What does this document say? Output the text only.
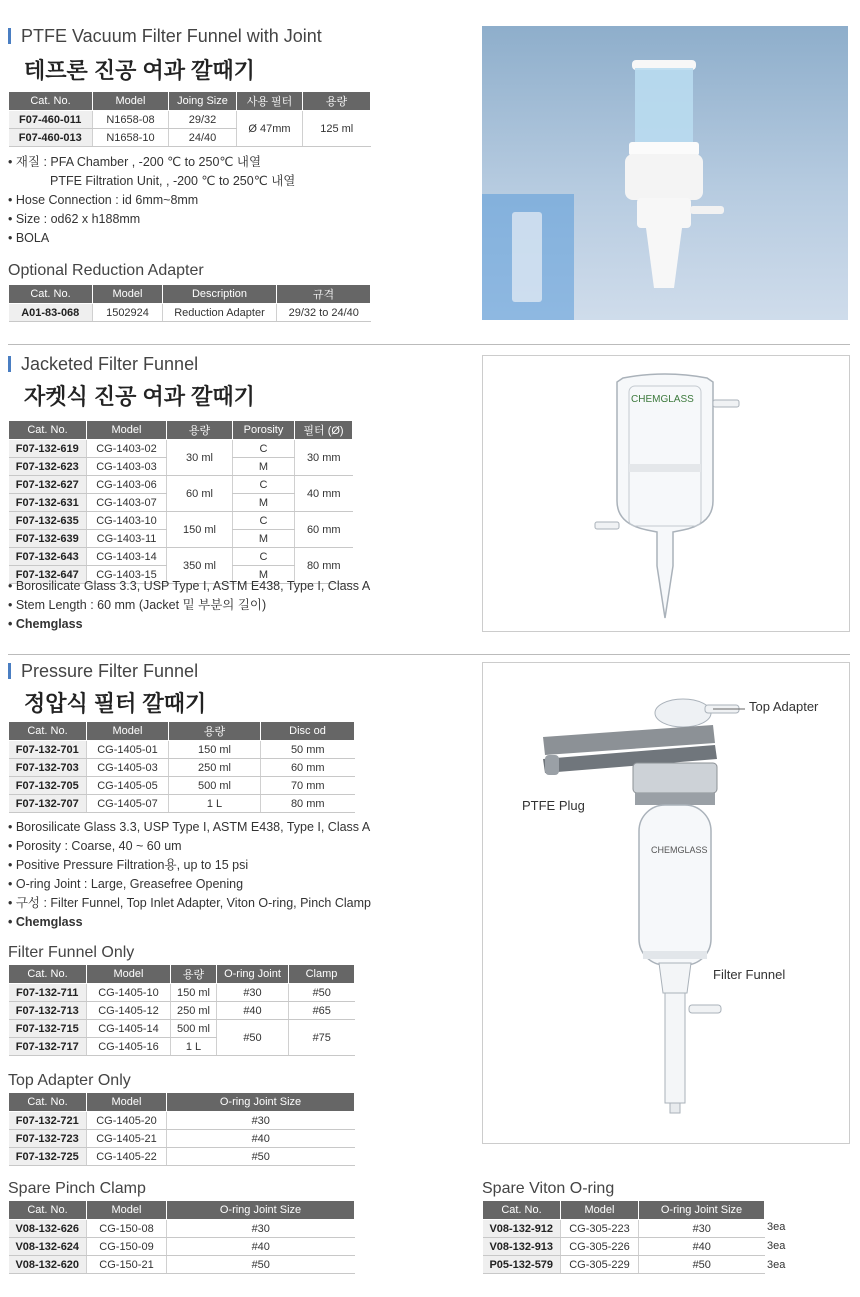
PTFE Vacuum Filter Funnel with Joint
테프론 진공 여과 깔때기
Cat. No.	Model	Joing Size	사용 필터	용량
F07-460-011	N1658-08	29/32	Ø 47mm	125 ml
F07-460-013	N1658-10	24/40		
• 재질 : PFA Chamber , -200 ℃ to 250℃ 내열
PTFE Filtration Unit, , -200 ℃ to 250℃ 내열
• Hose Connection : id 6mm~8mm
• Size : od62 x h188mm
• BOLA
Optional Reduction Adapter
Cat. No.	Model	Description	규격
A01-83-068	1502924	Reduction Adapter	29/32 to 24/40
Jacketed Filter Funnel
자켓식 진공 여과 깔때기
Cat. No.	Model	용량	Porosity	필터 (Ø)
F07-132-619	CG-1403-02	30 ml	C	30 mm
F07-132-623	CG-1403-03		M	
F07-132-627	CG-1403-06	60 ml	C	40 mm
F07-132-631	CG-1403-07		M	
F07-132-635	CG-1403-10	150 ml	C	60 mm
F07-132-639	CG-1403-11		M	
F07-132-643	CG-1403-14	350 ml	C	80 mm
F07-132-647	CG-1403-15		M	
• Borosilicate Glass 3.3, USP Type I, ASTM E438, Type I, Class A
• Stem Length : 60 mm (Jacket 밑 부분의 길이)
• Chemglass
CHEMGLASS
Pressure Filter Funnel
정압식 필터 깔때기
Cat. No.	Model	용량	Disc od
F07-132-701	CG-1405-01	150 ml	50 mm
F07-132-703	CG-1405-03	250 ml	60 mm
F07-132-705	CG-1405-05	500 ml	70 mm
F07-132-707	CG-1405-07	1 L	80 mm
• Borosilicate Glass 3.3, USP Type I, ASTM E438, Type I, Class A
• Porosity : Coarse, 40 ~ 60 um
• Positive Pressure Filtration용, up to 15 psi
• O-ring Joint : Large, Greasefree Opening
• 구성 : Filter Funnel, Top Inlet Adapter, Viton O-ring, Pinch Clamp
• Chemglass
Filter Funnel Only
Cat. No.	Model	용량	O-ring Joint	Clamp
F07-132-711	CG-1405-10	150 ml	#30	#50
F07-132-713	CG-1405-12	250 ml	#40	#65
F07-132-715	CG-1405-14	500 ml	#50	#75
F07-132-717	CG-1405-16	1 L		
Top Adapter Only
Cat. No.	Model	O-ring Joint Size
F07-132-721	CG-1405-20	#30
F07-132-723	CG-1405-21	#40
F07-132-725	CG-1405-22	#50
Spare Pinch Clamp
Cat. No.	Model	O-ring Joint Size
V08-132-626	CG-150-08	#30
V08-132-624	CG-150-09	#40
V08-132-620	CG-150-21	#50
CHEMGLASS
Top Adapter
PTFE Plug
Filter Funnel
Spare Viton O-ring
Cat. No.	Model	O-ring Joint Size
V08-132-912	CG-305-223	#30
V08-132-913	CG-305-226	#40
P05-132-579	CG-305-229	#50
3ea
3ea
3ea
